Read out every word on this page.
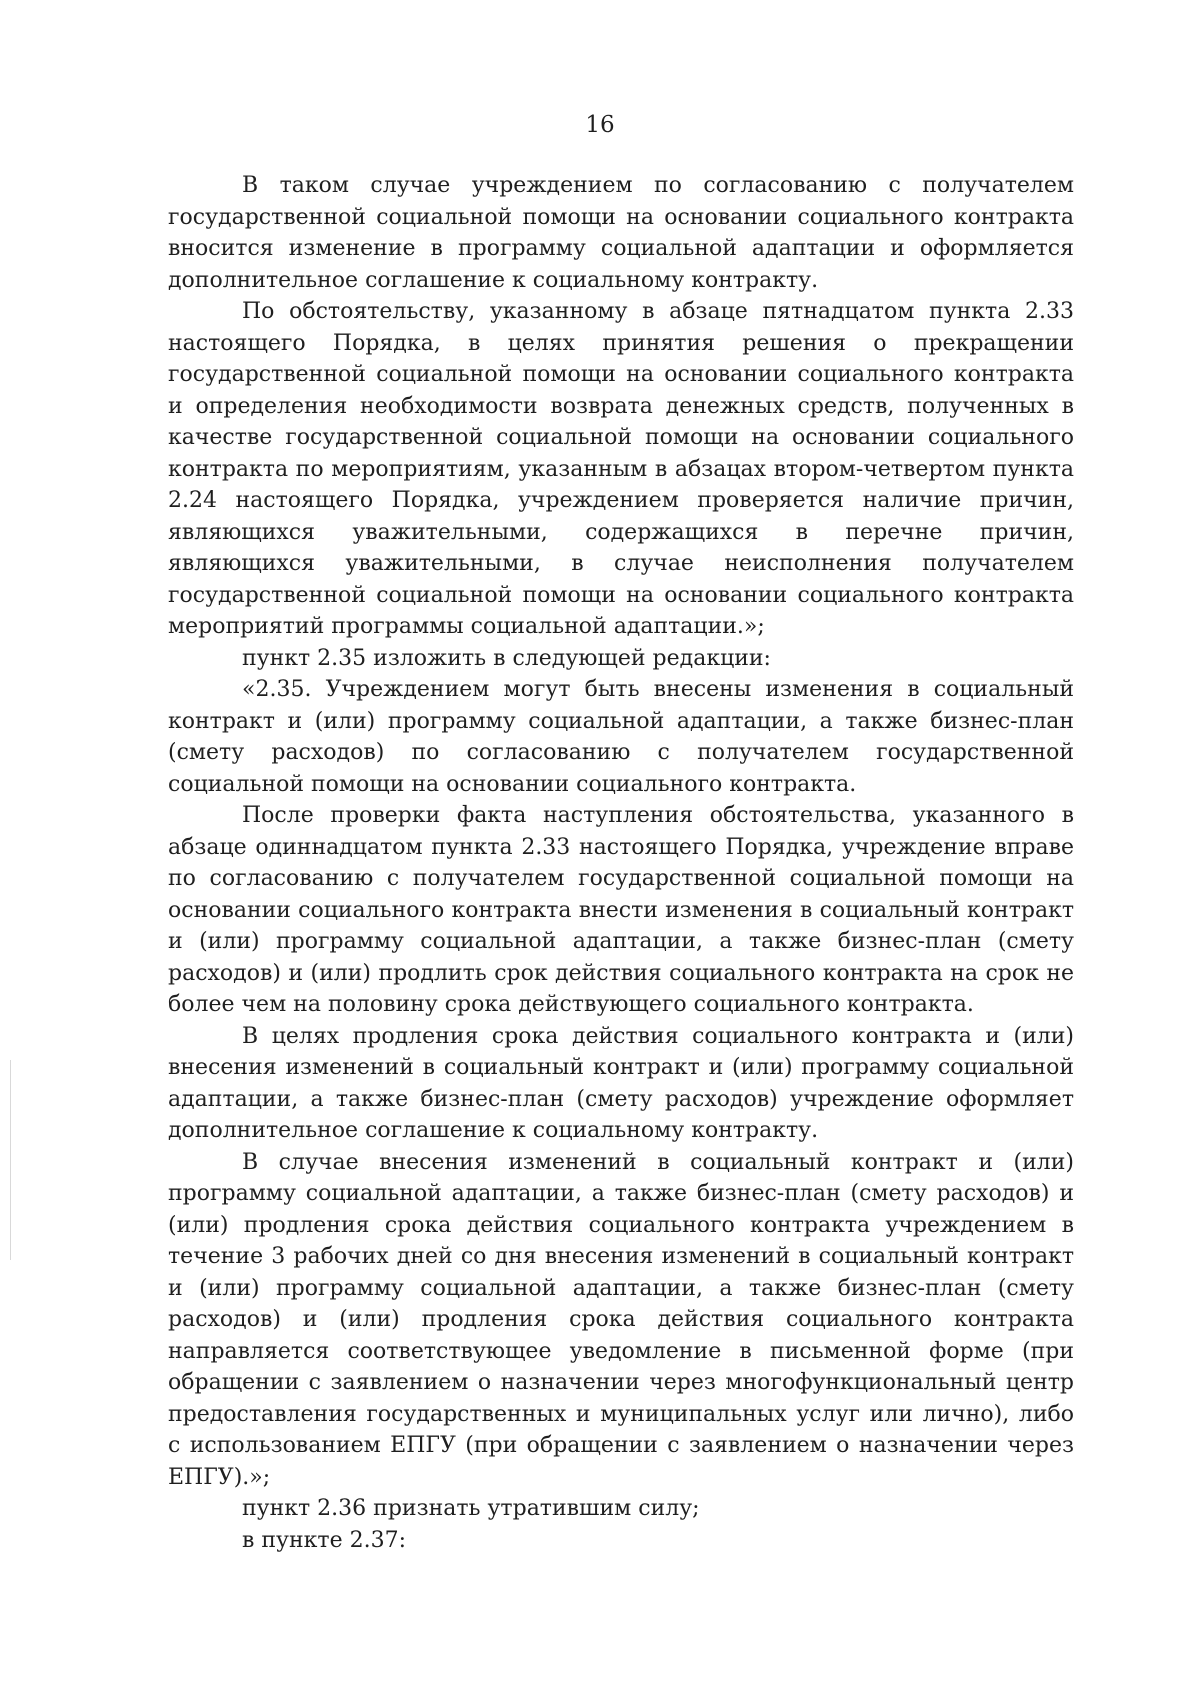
16

В таком случае учреждением по согласованию с получателем государственной социальной помощи на основании социального контракта вносится изменение в программу социальной адаптации и оформляется дополнительное соглашение к социальному контракту.

По обстоятельству, указанному в абзаце пятнадцатом пункта 2.33 настоящего Порядка, в целях принятия решения о прекращении государственной социальной помощи на основании социального контракта и определения необходимости возврата денежных средств, полученных в качестве государственной социальной помощи на основании социального контракта по мероприятиям, указанным в абзацах втором-четвертом пункта 2.24 настоящего Порядка, учреждением проверяется наличие причин, являющихся уважительными, содержащихся в перечне причин, являющихся уважительными, в случае неисполнения получателем государственной социальной помощи на основании социального контракта мероприятий программы социальной адаптации.»;

пункт 2.35 изложить в следующей редакции:

«2.35. Учреждением могут быть внесены изменения в социальный контракт и (или) программу социальной адаптации, а также бизнес-план (смету расходов) по согласованию с получателем государственной социальной помощи на основании социального контракта.

После проверки факта наступления обстоятельства, указанного в абзаце одиннадцатом пункта 2.33 настоящего Порядка, учреждение вправе по согласованию с получателем государственной социальной помощи на основании социального контракта внести изменения в социальный контракт и (или) программу социальной адаптации, а также бизнес-план (смету расходов) и (или) продлить срок действия социального контракта на срок не более чем на половину срока действующего социального контракта.

В целях продления срока действия социального контракта и (или) внесения изменений в социальный контракт и (или) программу социальной адаптации, а также бизнес-план (смету расходов) учреждение оформляет дополнительное соглашение к социальному контракту.

В случае внесения изменений в социальный контракт и (или) программу социальной адаптации, а также бизнес-план (смету расходов) и (или) продления срока действия социального контракта учреждением в течение 3 рабочих дней со дня внесения изменений в социальный контракт и (или) программу социальной адаптации, а также бизнес-план (смету расходов) и (или) продления срока действия социального контракта направляется соответствующее уведомление в письменной форме (при обращении с заявлением о назначении через многофункциональный центр предоставления государственных и муниципальных услуг или лично), либо с использованием ЕПГУ (при обращении с заявлением о назначении через ЕПГУ).»;

пункт 2.36 признать утратившим силу;

в пункте 2.37:
